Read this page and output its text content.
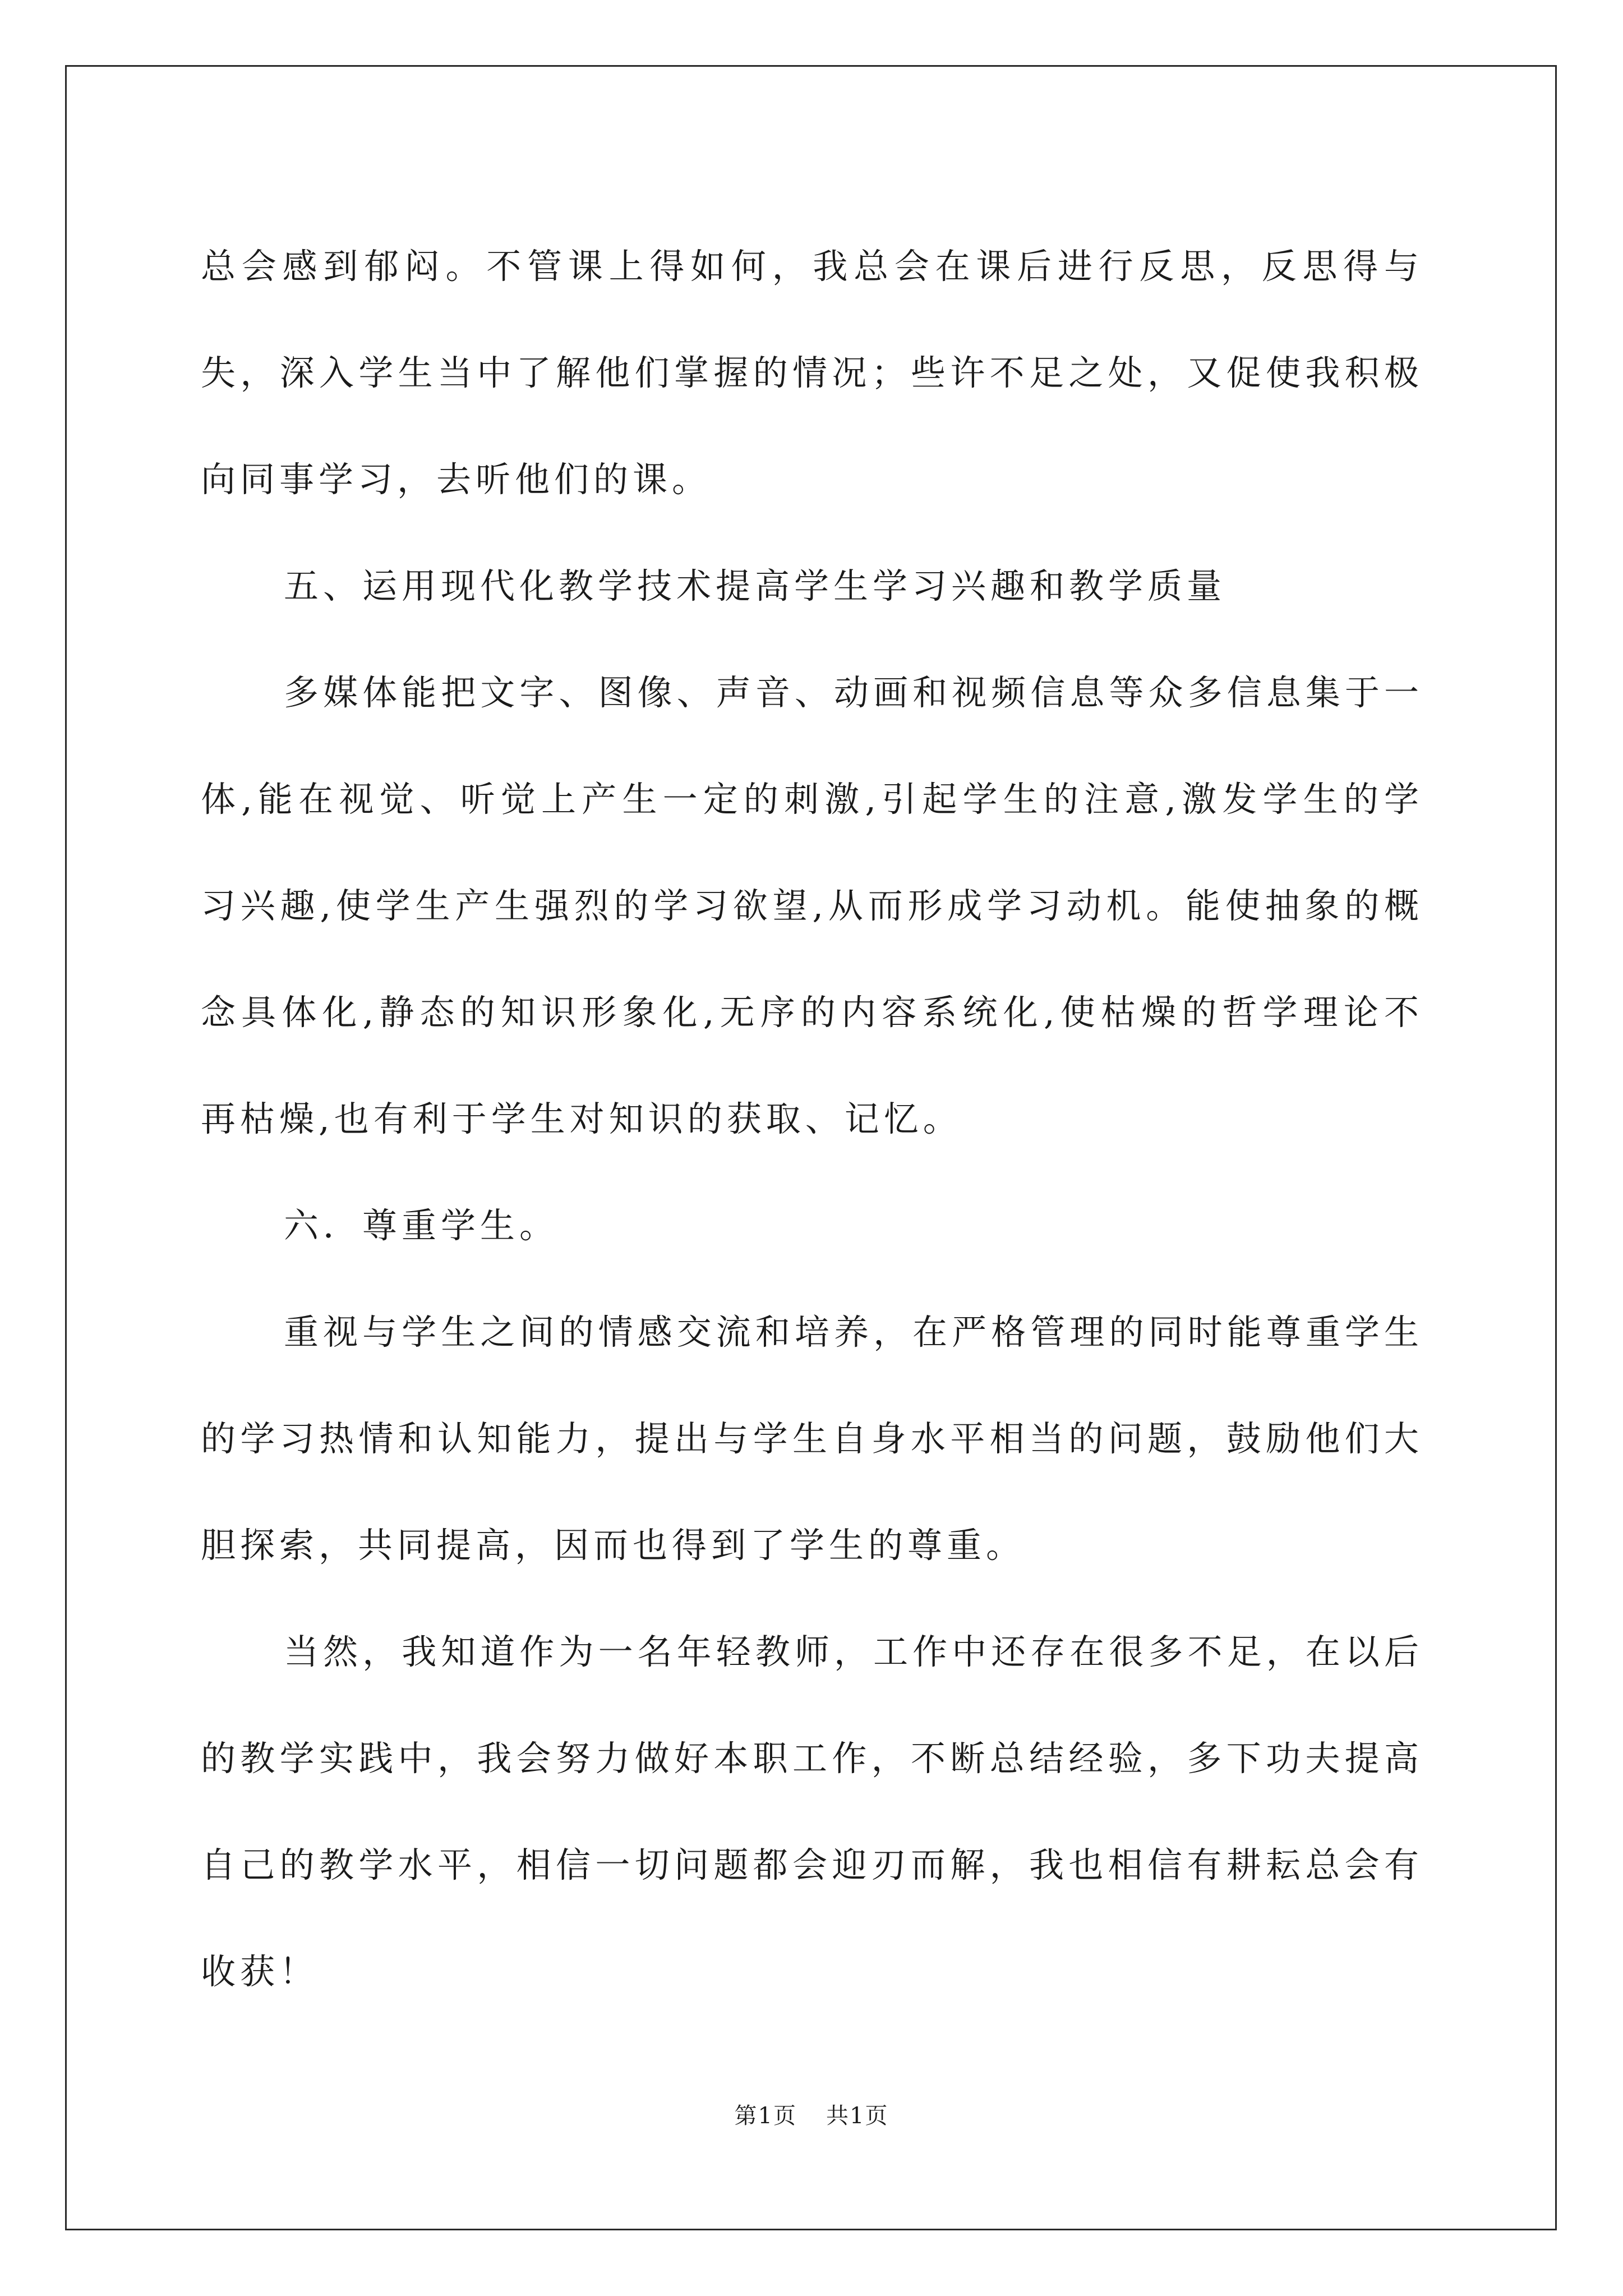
总会感到郁闷。不管课上得如何，我总会在课后进行反思，反思得与失，深入学生当中了解他们掌握的情况；些许不足之处，又促使我积极向同事学习，去听他们的课。

五、运用现代化教学技术提高学生学习兴趣和教学质量

多媒体能把文字、图像、声音、动画和视频信息等众多信息集于一体,能在视觉、听觉上产生一定的刺激,引起学生的注意,激发学生的学习兴趣,使学生产生强烈的学习欲望,从而形成学习动机。能使抽象的概念具体化,静态的知识形象化,无序的内容系统化,使枯燥的哲学理论不再枯燥,也有利于学生对知识的获取、记忆。

六．尊重学生。

重视与学生之间的情感交流和培养，在严格管理的同时能尊重学生的学习热情和认知能力，提出与学生自身水平相当的问题，鼓励他们大胆探索，共同提高，因而也得到了学生的尊重。

当然，我知道作为一名年轻教师，工作中还存在很多不足，在以后的教学实践中，我会努力做好本职工作，不断总结经验，多下功夫提高自己的教学水平，相信一切问题都会迎刃而解，我也相信有耕耘总会有收获！

第1页 共1页
